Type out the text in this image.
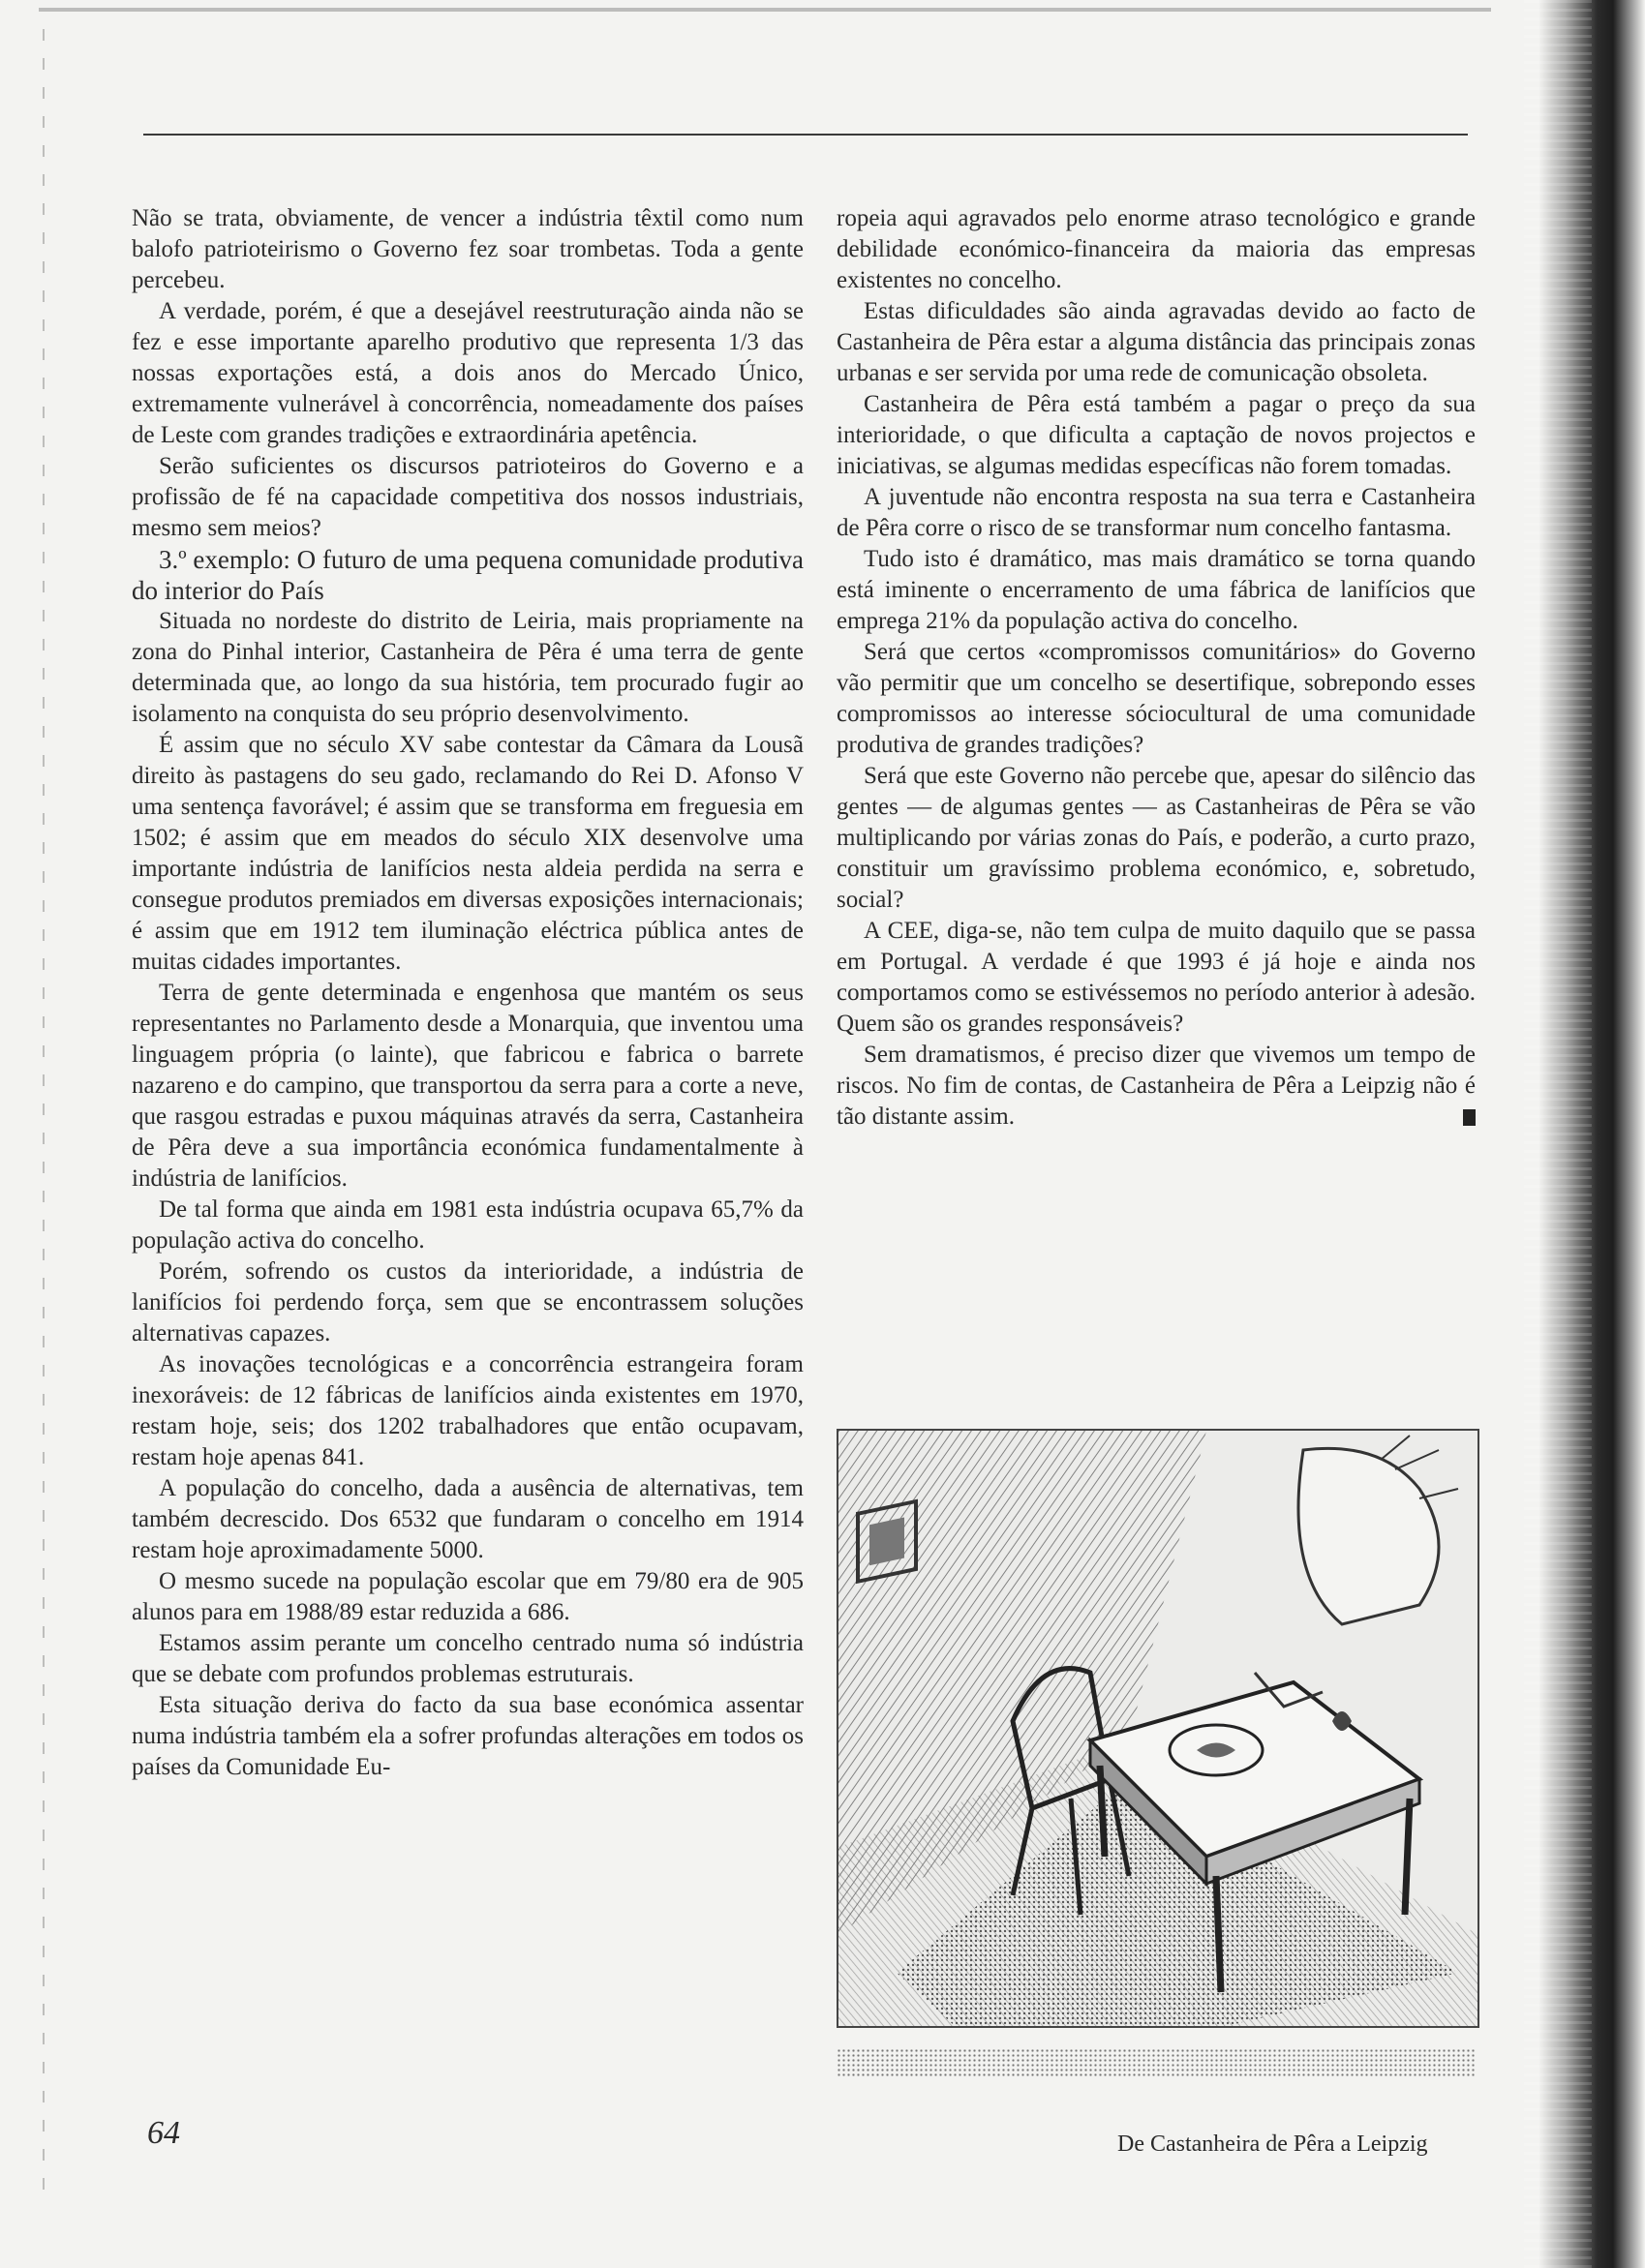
Não se trata, obviamente, de vencer a indústria têxtil como num balofo patrioteirismo o Governo fez soar trombetas. Toda a gente percebeu.

A verdade, porém, é que a desejável reestruturação ainda não se fez e esse importante aparelho produtivo que representa 1/3 das nossas exportações está, a dois anos do Mercado Único, extremamente vulnerável à concorrência, nomeadamente dos países de Leste com grandes tradições e extraordinária apetência.

Serão suficientes os discursos patrioteiros do Governo e a profissão de fé na capacidade competitiva dos nossos industriais, mesmo sem meios?

3.º exemplo: O futuro de uma pequena comunidade produtiva do interior do País

Situada no nordeste do distrito de Leiria, mais propriamente na zona do Pinhal interior, Castanheira de Pêra é uma terra de gente determinada que, ao longo da sua história, tem procurado fugir ao isolamento na conquista do seu próprio desenvolvimento.

É assim que no século XV sabe contestar da Câmara da Lousã direito às pastagens do seu gado, reclamando do Rei D. Afonso V uma sentença favorável; é assim que se transforma em freguesia em 1502; é assim que em meados do século XIX desenvolve uma importante indústria de lanifícios nesta aldeia perdida na serra e consegue produtos premiados em diversas exposições internacionais; é assim que em 1912 tem iluminação eléctrica pública antes de muitas cidades importantes.

Terra de gente determinada e engenhosa que mantém os seus representantes no Parlamento desde a Monarquia, que inventou uma linguagem própria (o lainte), que fabricou e fabrica o barrete nazareno e do campino, que transportou da serra para a corte a neve, que rasgou estradas e puxou máquinas através da serra, Castanheira de Pêra deve a sua importância económica fundamentalmente à indústria de lanifícios.

De tal forma que ainda em 1981 esta indústria ocupava 65,7% da população activa do concelho.

Porém, sofrendo os custos da interioridade, a indústria de lanifícios foi perdendo força, sem que se encontrassem soluções alternativas capazes.

As inovações tecnológicas e a concorrência estrangeira foram inexoráveis: de 12 fábricas de lanifícios ainda existentes em 1970, restam hoje, seis; dos 1202 trabalhadores que então ocupavam, restam hoje apenas 841.

A população do concelho, dada a ausência de alternativas, tem também decrescido. Dos 6532 que fundaram o concelho em 1914 restam hoje aproximadamente 5000.

O mesmo sucede na população escolar que em 79/80 era de 905 alunos para em 1988/89 estar reduzida a 686.

Estamos assim perante um concelho centrado numa só indústria que se debate com profundos problemas estruturais.

Esta situação deriva do facto da sua base económica assentar numa indústria também ela a sofrer profundas alterações em todos os países da Comunidade Eu-

ropeia aqui agravados pelo enorme atraso tecnológico e grande debilidade económico-financeira da maioria das empresas existentes no concelho.

Estas dificuldades são ainda agravadas devido ao facto de Castanheira de Pêra estar a alguma distância das principais zonas urbanas e ser servida por uma rede de comunicação obsoleta.

Castanheira de Pêra está também a pagar o preço da sua interioridade, o que dificulta a captação de novos projectos e iniciativas, se algumas medidas específicas não forem tomadas.

A juventude não encontra resposta na sua terra e Castanheira de Pêra corre o risco de se transformar num concelho fantasma.

Tudo isto é dramático, mas mais dramático se torna quando está iminente o encerramento de uma fábrica de lanifícios que emprega 21% da população activa do concelho.

Será que certos «compromissos comunitários» do Governo vão permitir que um concelho se desertifique, sobrepondo esses compromissos ao interesse sóciocultural de uma comunidade produtiva de grandes tradições?

Será que este Governo não percebe que, apesar do silêncio das gentes — de algumas gentes — as Castanheiras de Pêra se vão multiplicando por várias zonas do País, e poderão, a curto prazo, constituir um gravíssimo problema económico, e, sobretudo, social?

A CEE, diga-se, não tem culpa de muito daquilo que se passa em Portugal. A verdade é que 1993 é já hoje e ainda nos comportamos como se estivéssemos no período anterior à adesão. Quem são os grandes responsáveis?

Sem dramatismos, é preciso dizer que vivemos um tempo de riscos. No fim de contas, de Castanheira de Pêra a Leipzig não é tão distante assim.

64	De Castanheira de Pêra a Leipzig
